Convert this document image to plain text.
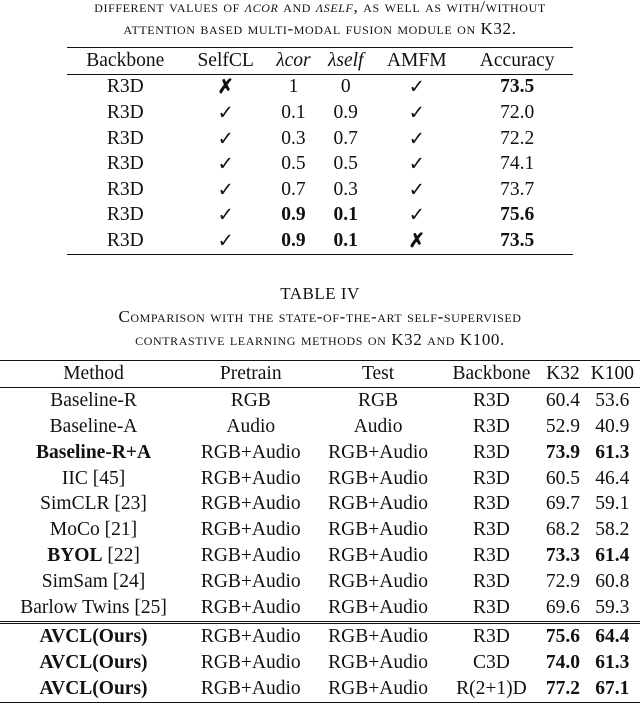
different values of λcor and λself, as well as with/without
attention based multi-modal fusion module on K32.
Backbone	SelfCL	λcor	λself	AMFM	Accuracy
R3D	✗	1	0	✓	73.5
R3D	✓	0.1	0.9	✓	72.0
R3D	✓	0.3	0.7	✓	72.2
R3D	✓	0.5	0.5	✓	74.1
R3D	✓	0.7	0.3	✓	73.7
R3D	✓	0.9	0.1	✓	75.6
R3D	✓	0.9	0.1	✗	73.5
TABLE IV
Comparison with the state-of-the-art self-supervised
contrastive learning methods on K32 and K100.
Method	Pretrain	Test	Backbone	K32	K100
Baseline-R	RGB	RGB	R3D	60.4	53.6
Baseline-A	Audio	Audio	R3D	52.9	40.9
Baseline-R+A	RGB+Audio	RGB+Audio	R3D	73.9	61.3
IIC [45]	RGB+Audio	RGB+Audio	R3D	60.5	46.4
SimCLR [23]	RGB+Audio	RGB+Audio	R3D	69.7	59.1
MoCo [21]	RGB+Audio	RGB+Audio	R3D	68.2	58.2
BYOL [22]	RGB+Audio	RGB+Audio	R3D	73.3	61.4
SimSam [24]	RGB+Audio	RGB+Audio	R3D	72.9	60.8
Barlow Twins [25]	RGB+Audio	RGB+Audio	R3D	69.6	59.3
AVCL(Ours)	RGB+Audio	RGB+Audio	R3D	75.6	64.4
AVCL(Ours)	RGB+Audio	RGB+Audio	C3D	74.0	61.3
AVCL(Ours)	RGB+Audio	RGB+Audio	R(2+1)D	77.2	67.1
